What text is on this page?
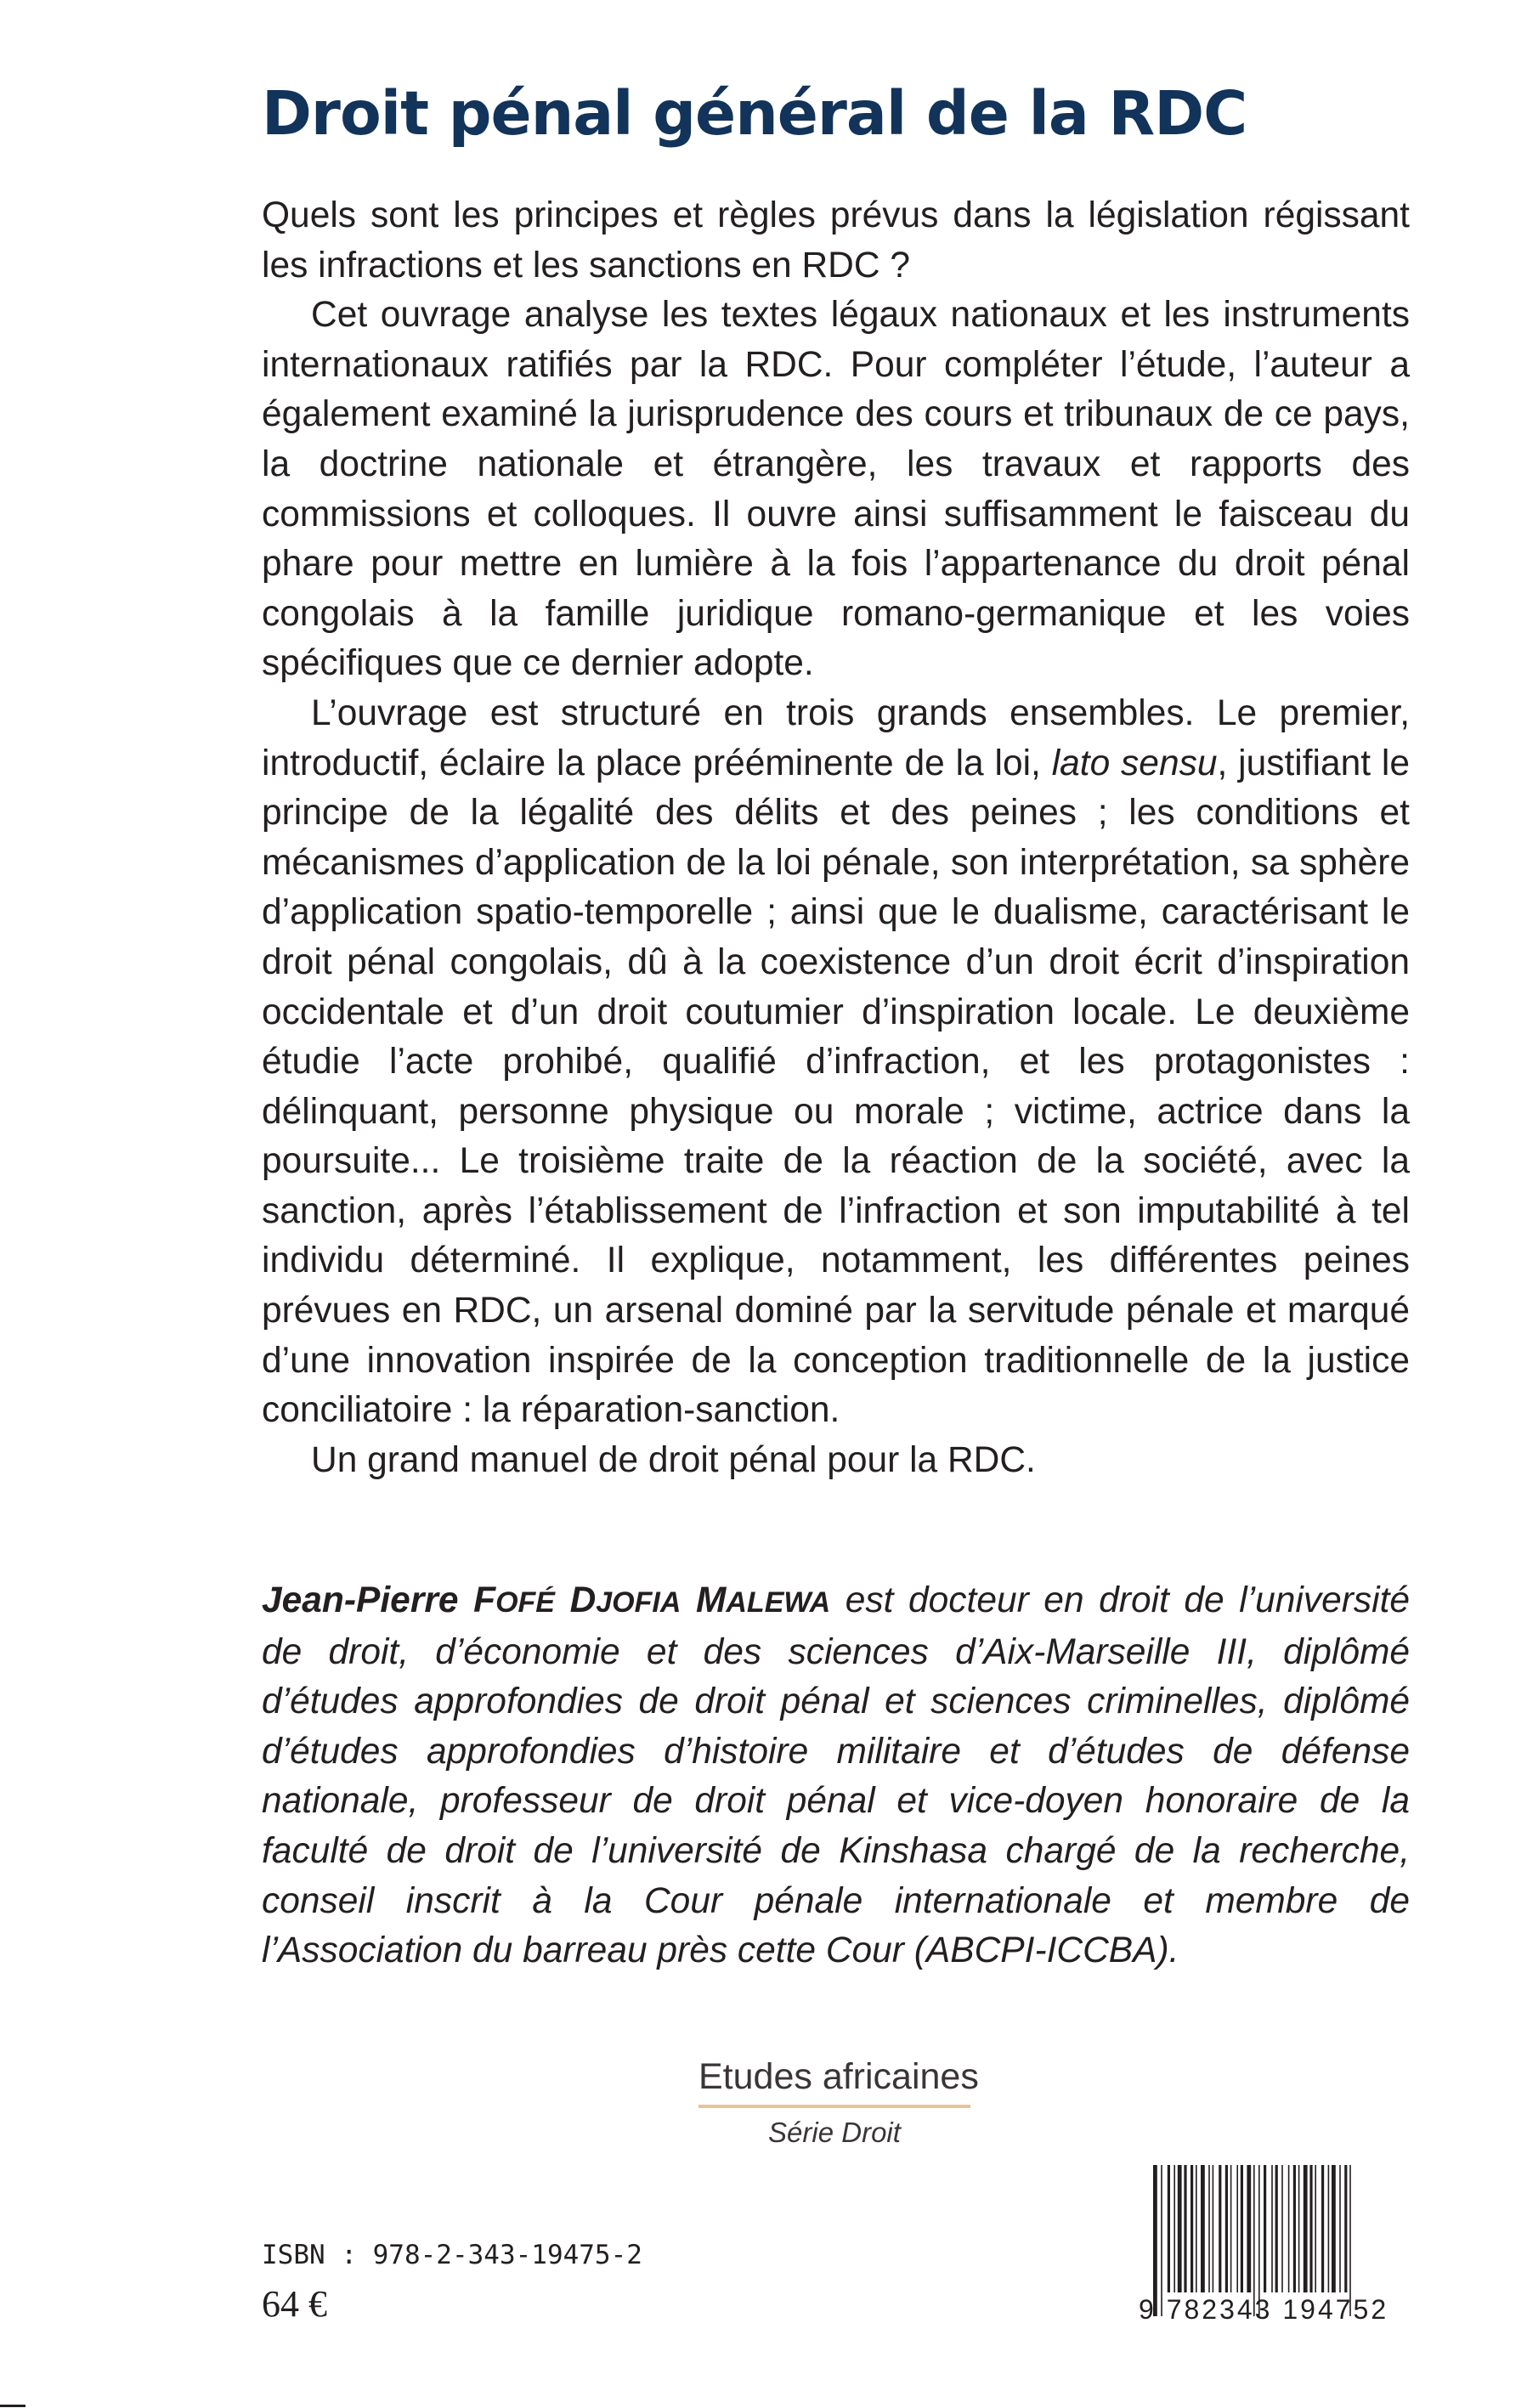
Droit pénal général de la RDC

Quels sont les principes et règles prévus dans la législation régissant les infractions et les sanctions en RDC ?

Cet ouvrage analyse les textes légaux nationaux et les instruments internationaux ratifiés par la RDC. Pour compléter l’étude, l’auteur a également examiné la jurisprudence des cours et tribunaux de ce pays, la doctrine nationale et étrangère, les travaux et rapports des commissions et colloques. Il ouvre ainsi suffisamment le faisceau du phare pour mettre en lumière à la fois l’appartenance du droit pénal congolais à la famille juridique romano-germanique et les voies spécifiques que ce dernier adopte.

L’ouvrage est structuré en trois grands ensembles. Le premier, introductif, éclaire la place prééminente de la loi, lato sensu, justifiant le principe de la légalité des délits et des peines ; les conditions et mécanismes d’application de la loi pénale, son interprétation, sa sphère d’application spatio-temporelle ; ainsi que le dualisme, caractérisant le droit pénal congolais, dû à la coexistence d’un droit écrit d’inspiration occidentale et d’un droit coutumier d’inspiration locale. Le deuxième étudie l’acte prohibé, qualifié d’infraction, et les protagonistes : délinquant, personne physique ou morale ; victime, actrice dans la poursuite... Le troisième traite de la réaction de la société, avec la sanction, après l’établissement de l’infraction et son imputabilité à tel individu déterminé. Il explique, notamment, les différentes peines prévues en RDC, un arsenal dominé par la servitude pénale et marqué d’une innovation inspirée de la conception traditionnelle de la justice conciliatoire : la réparation-sanction.

Un grand manuel de droit pénal pour la RDC.

Jean-Pierre FOFÉ DJOFIA MALEWA est docteur en droit de l’université de droit, d’économie et des sciences d’Aix-Marseille III, diplômé d’études approfondies de droit pénal et sciences criminelles, diplômé d’études approfondies d’histoire militaire et d’études de défense nationale, professeur de droit pénal et vice-doyen honoraire de la faculté de droit de l’université de Kinshasa chargé de la recherche, conseil inscrit à la Cour pénale internationale et membre de l’Association du barreau près cette Cour (ABCPI-ICCBA).
Etudes africaines
Série Droit
ISBN : 978-2-343-19475-2
64 €	9 782343 194752
